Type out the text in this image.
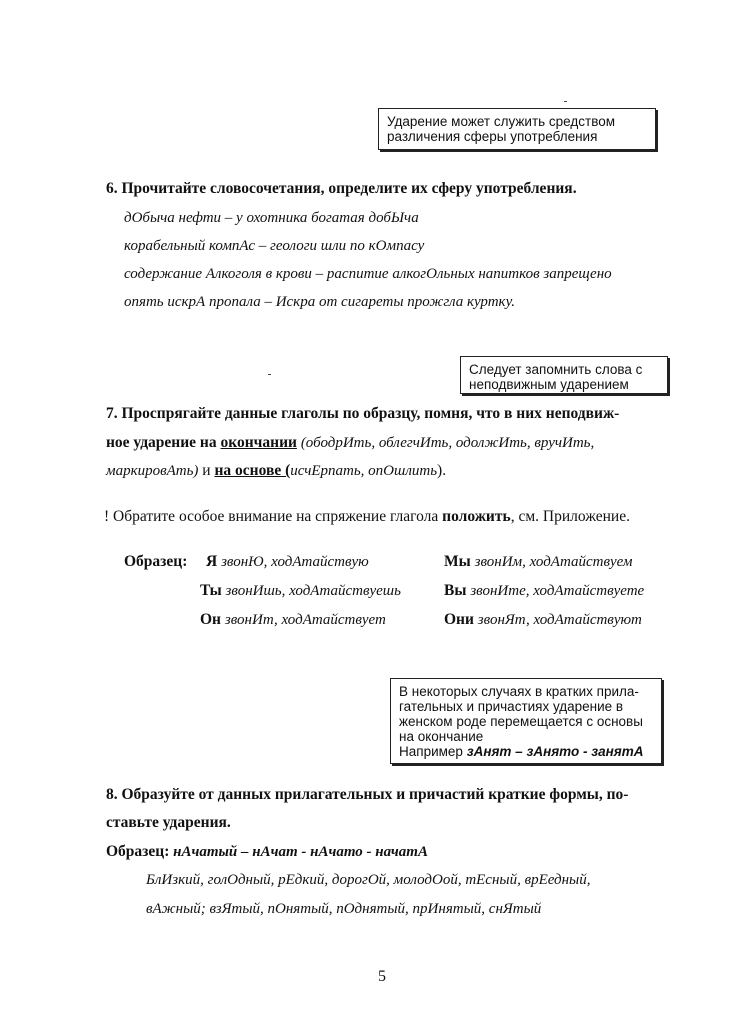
Ударение может служить средством
различения сферы употребления
6. Прочитайте словосочетания, определите их сферу употребления.
дОбыча нефти – у охотника богатая добЫча
корабельный компАс – геологи шли по кОмпасу
содержание Алкоголя в крови – распитие алкогОльных напитков запрещено
опять искрА пропала – Искра от сигареты прожгла куртку.
Следует запомнить слова с
неподвижным ударением
7. Проспрягайте данные глаголы по образцу, помня, что в них неподвиж-
ное ударение на окончании (ободрИть, облегчИть, одолжИть, вручИть,
маркировАть) и на основе (исчЕрпать, опОшлить).
! Обратите особое внимание на спряжение глагола положить, см. Приложение.
Образец: Я звонЮ, ходАтайствую	Мы звонИм, ходАтайствуем
Ты звонИшь, ходАтайствуешь	Вы звонИте, ходАтайствуете
Он звонИт, ходАтайствует	Они звонЯт, ходАтайствуют
В некоторых случаях в кратких прила-
гательных и причастиях ударение в
женском роде перемещается с основы
на окончание
Например зАнят – зАнято - занятА
8. Образуйте от данных прилагательных и причастий краткие формы, по-
ставьте ударения.
Образец: нАчатый – нАчат - нАчато - начатА
БлИзкий, голОдный, рЕдкий, дорогОй, молодОой, тЕсный, врЕедный,
вАжный; взЯтый, пОнятый, пОднятый, прИнятый, снЯтый
5
